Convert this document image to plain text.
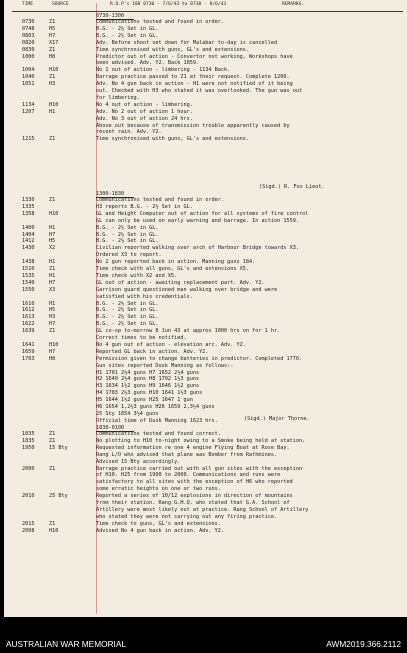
TIME	SOURCE	R.O.P's 100 0730 - 7/6/43 to 0730 - 8/6/43	REMARKS.
0730-1300
0730	Z1	Communications tested and found in order.
0748	H5	B.G. - 2½ Set in GL.
0803	H7	B.G. - 2½ Set in GL.
0820	X17	Adv. Before shoot set down for Malabar to-day is cancelled
0830	Z1	Time synchronised with guns, GL's and extensions.
1000	H8	Predictor out of action - Convertor not working, Workshops have
been advised. Adv. Y2. Back 1059.
1004	H10	No 1 out of action - limbering - 1134 Back.
1040	Z1	Barrage practice passed to Z1 at their request. Complete 1200.
1051	H3	Adv. No 4 gun back in action - H1 were not notified of it being
out. Checked with H3 who stated it was overlooked. The gun was out
for limbering.
1134	H10	No 4 out of action - limbering.
1207	H1	Adv. No 2 out of action 1 hour.
Adv. No 3 out of action 24 hrs.
Above out because of transmission trouble apparently caused by
recent rain. Adv. Y2.
1215	Z1	Time synchronised with guns, GL's and extensions.
(Sigd.) R. Fox Lieut.
1300-1830
1330	Z1	Communications tested and found in order.
1335	H3 reports B.G. - 2½ Set in GL.
1358	H10	GL and Height Computer out of action for all systems of fire control
GL can only be used on early warning and barrage. In action 1559.
1400	H1	B.G. - 2½ Set in GL.
1404	H7	B.G. - 2½ Set in GL.
1412	H5	B.G. - 2½ Set in GL.
1430	X2	Civilian reported walking over arch of Harbour Bridge towards X3.
Ordered X3 to report.
1438	H1	No 2 gun reported back in action. Manning guns 184.
1510	Z1	Time check with all guns, GL's and extensions X5.
1535	H1	Time check with X2 and X5.
1540	H7	GL out of action - awaiting replacement part. Adv. Y2.
1550	X3	Garrison guard questioned man walking over bridge and were
satisfied with his credentials.
1610	H1	B.G. - 2½ Set in GL.
1612	H5	B.G. - 2½ Set in GL.
1613	H3	B.G. - 2½ Set in GL.
1622	H7	B.G. - 2½ Set in GL.
1639	Z1	GL co-op to-morrow 8 Jun 43 at approx 1000 hrs on for 1 hr.
Correct times to be notified.
1641	H10	No 4 gun out of action - elevation arc. Adv. Y2.
1659	H7	Reported GL back in action. Adv. Y2.
1703	H8	Permission given to change batteries in predictor. Completed 1770.
Gun sites reported Dusk Manning as follows:-
H1 1701 2½4 guns H7 1652 2½4 guns
H2 1640 2½4 guns H8 1702 1½3 guns
H3 1634 1½2 guns H9 1646 1½2 guns
H4 1703 2½3 guns H10 1641 1½3 guns
H5 1644 1½2 guns H25 1647 1 gun
H6 1654 1,2½3 guns H26 1659 2,3½4 guns
25 Sty 1654 3½4 guns
Official time of Dusk Manning 1623 hrs.	(Sigd.) Major Thorne.
1830-0100
1835	Z1	Communications tested and found correct.
1835	Z1	No plotting to H10 to-night owing to a Smoke being held at station.
1950	15 Bty	Requested information re one 4 engine Flying Boat at Rose Bay.
Rang L/O who advised that plane was Bomber from Rathmines.
Advised 15 Bty accordingly.
2000	Z1	Barrage practice carried out with all gun sites with the exception
of H10. H25 from 1900 to 2000. Communications and runs were
satisfactory to all sites with the exception of H6 who reported
some erratic heights on one or two runs.
2010	25 Bty	Reported a series of 10/12 explosions in direction of mountains
from their station. Rang G.H.Q. who stated that G.A. School of
Artillery were most likely out at practice. Rang School of Artillery
who stated they were not carrying out any firing practice.
2015	Z1	Time check to guns, GL's and extensions.
2008	H10	Advised No 4 gun back in action. Adv. Y2.
AUSTRALIAN WAR MEMORIAL	AWM2019.366.2112
